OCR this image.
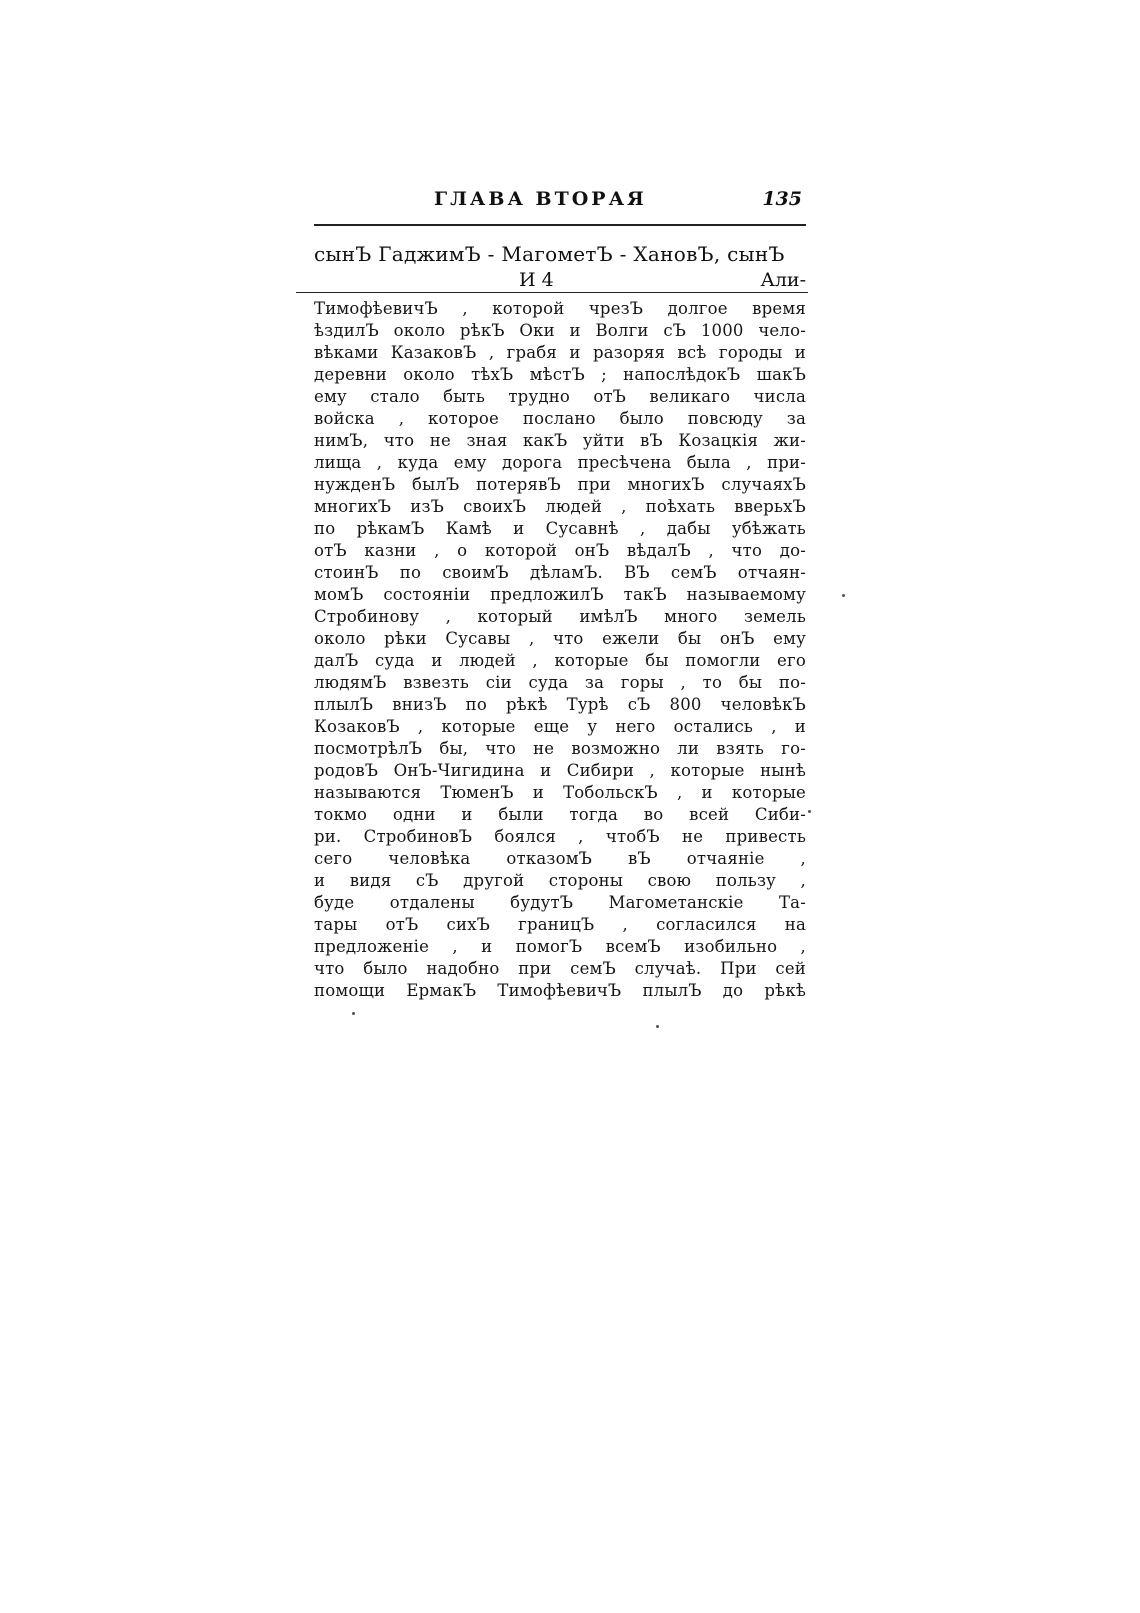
ГЛАВА ВТОРАЯ	135
сынЪ ГаджимЪ - МагометЪ - ХановЪ, сынЪ
И 4	Али-
ТимофѣевичЪ , которой чрезЪ долгое время
ѣздилЪ около рѣкЪ Оки и Волги сЪ 1000 чело-
вѣками КазаковЪ , грабя и разоряя всѣ городы и
деревни около тѣхЪ мѣстЪ ; напослѣдокЪ шакЪ
ему стало быть трудно отЪ великаго числа
войска , которое послано было повсюду за
нимЪ, что не зная какЪ уйти вЪ Козацкія жи-
лища , куда ему дорога пресѣчена была , при-
нужденЪ былЪ потерявЪ при многихЪ случаяхЪ
многихЪ изЪ своихЪ людей , поѣхать вверьхЪ
по рѣкамЪ Камѣ и Сусавнѣ , дабы убѣжать
отЪ казни , о которой онЪ вѣдалЪ , что до-
стоинЪ по своимЪ дѣламЪ. ВЪ семЪ отчаян-
момЪ состояніи предложилЪ такЪ называемому
Стробинову , который имѣлЪ много земель
около рѣки Сусавы , что ежели бы онЪ ему
далЪ суда и людей , которые бы помогли его
людямЪ взвезть сіи суда за горы , то бы по-
плылЪ внизЪ по рѣкѣ Турѣ сЪ 800 человѣкЪ
КозаковЪ , которые еще у него остались , и
посмотрѣлЪ бы, что не возможно ли взять го-
родовЪ ОнЪ-Чигидина и Сибири , которые нынѣ
называются ТюменЪ и ТобольскЪ , и которые
токмо одни и были тогда во всей Сиби-
ри. СтробиновЪ боялся , чтобЪ не привесть
сего человѣка отказомЪ вЪ отчаяніе ,
и видя сЪ другой стороны свою пользу ,
буде отдалены будутЪ Магометанскіе Та-
тары отЪ сихЪ границЪ , согласился на
предложеніе , и помогЪ всемЪ изобильно ,
что было надобно при семЪ случаѣ. При сей
помощи ЕрмакЪ ТимофѣевичЪ плылЪ до рѣкѣ
